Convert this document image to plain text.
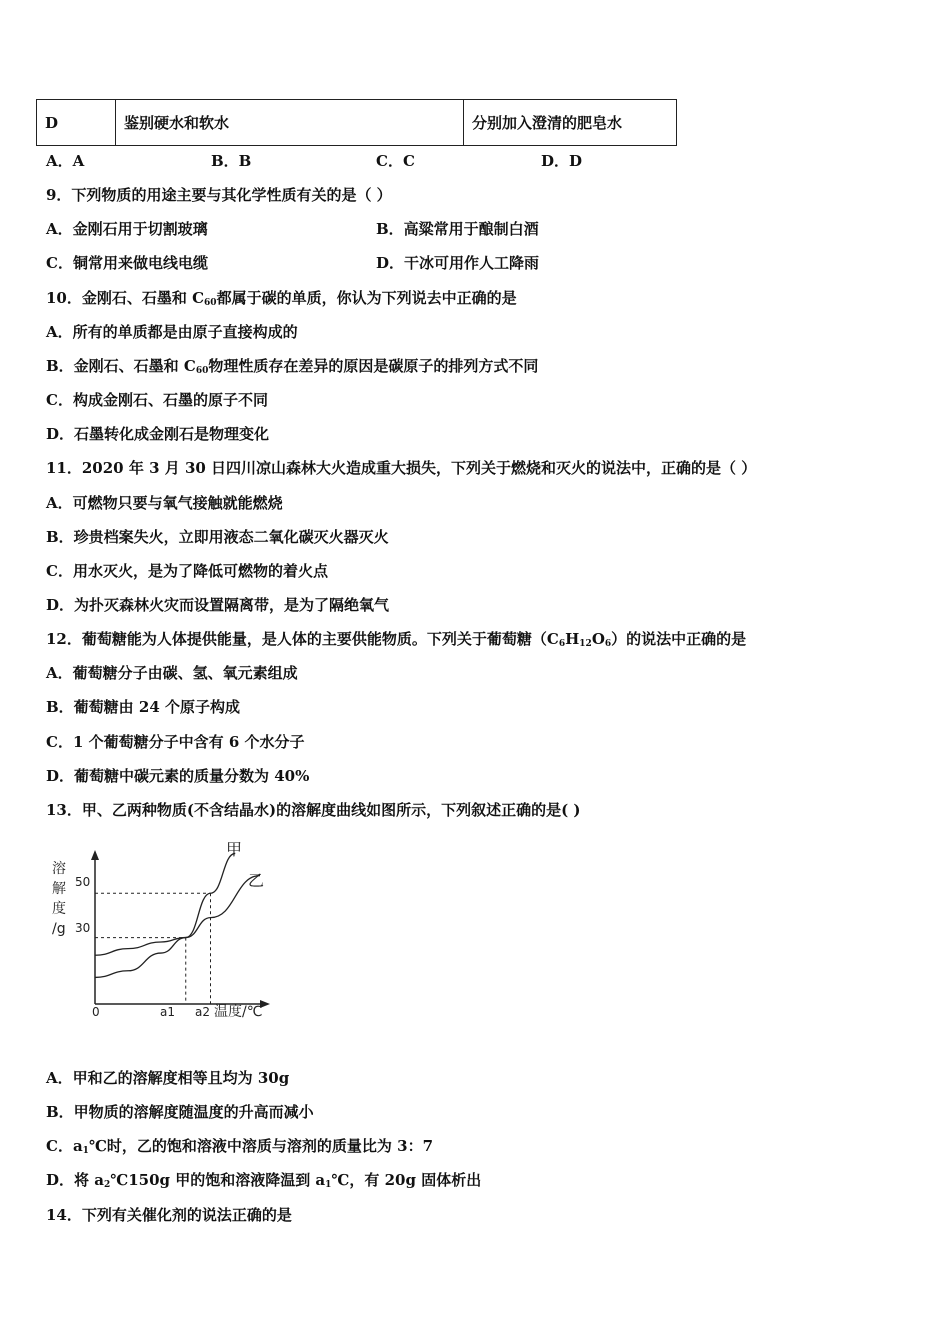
D	鉴别硬水和软水	分别加入澄清的肥皂水
A．A	B．B	C．C	D．D
9．下列物质的用途主要与其化学性质有关的是（ ）
A．金刚石用于切割玻璃	B．高粱常用于酿制白酒
C．铜常用来做电线电缆	D．干冰可用作人工降雨
10．金刚石、石墨和 $C_{60}$都属于碳的单质，你认为下列说去中正确的是
A．所有的单质都是由原子直接构成的
B．金刚石、石墨和 $C_{60}$物理性质存在差异的原因是碳原子的排列方式不同
C．构成金刚石、石墨的原子不同
D．石墨转化成金刚石是物理变化
11．2020 年 3 月 30 日四川凉山森林大火造成重大损失，下列关于燃烧和灭火的说法中，正确的是（ ）
A．可燃物只要与氧气接触就能燃烧
B．珍贵档案失火，立即用液态二氧化碳灭火器灭火
C．用水灭火，是为了降低可燃物的着火点
D．为扑灭森林火灾而设置隔离带，是为了隔绝氧气
12．葡萄糖能为人体提供能量，是人体的主要供能物质。下列关于葡萄糖$(C_6H_{12}O_6)$的说法中正确的是
A．葡萄糖分子由碳、氢、氧元素组成
B．葡萄糖由 24 个原子构成
C．1 个葡萄糖分子中含有 6 个水分子
D．葡萄糖中碳元素的质量分数为 40%
13．甲、乙两种物质(不含结晶水)的溶解度曲线如图所示，下列叙述正确的是( )
溶
解
度
/g
0
30
50
a1 a2 温度/℃
甲
乙
A．甲和乙的溶解度相等且均为 30g
B．甲物质的溶解度随温度的升高而减小
C．$a_1℃$时，乙的饱和溶液中溶质与溶剂的质量比为 3：7
D．将 $a_2℃150g$ 甲的饱和溶液降温到 $a_1℃$，有 20g 固体析出
14．下列有关催化剂的说法正确的是
